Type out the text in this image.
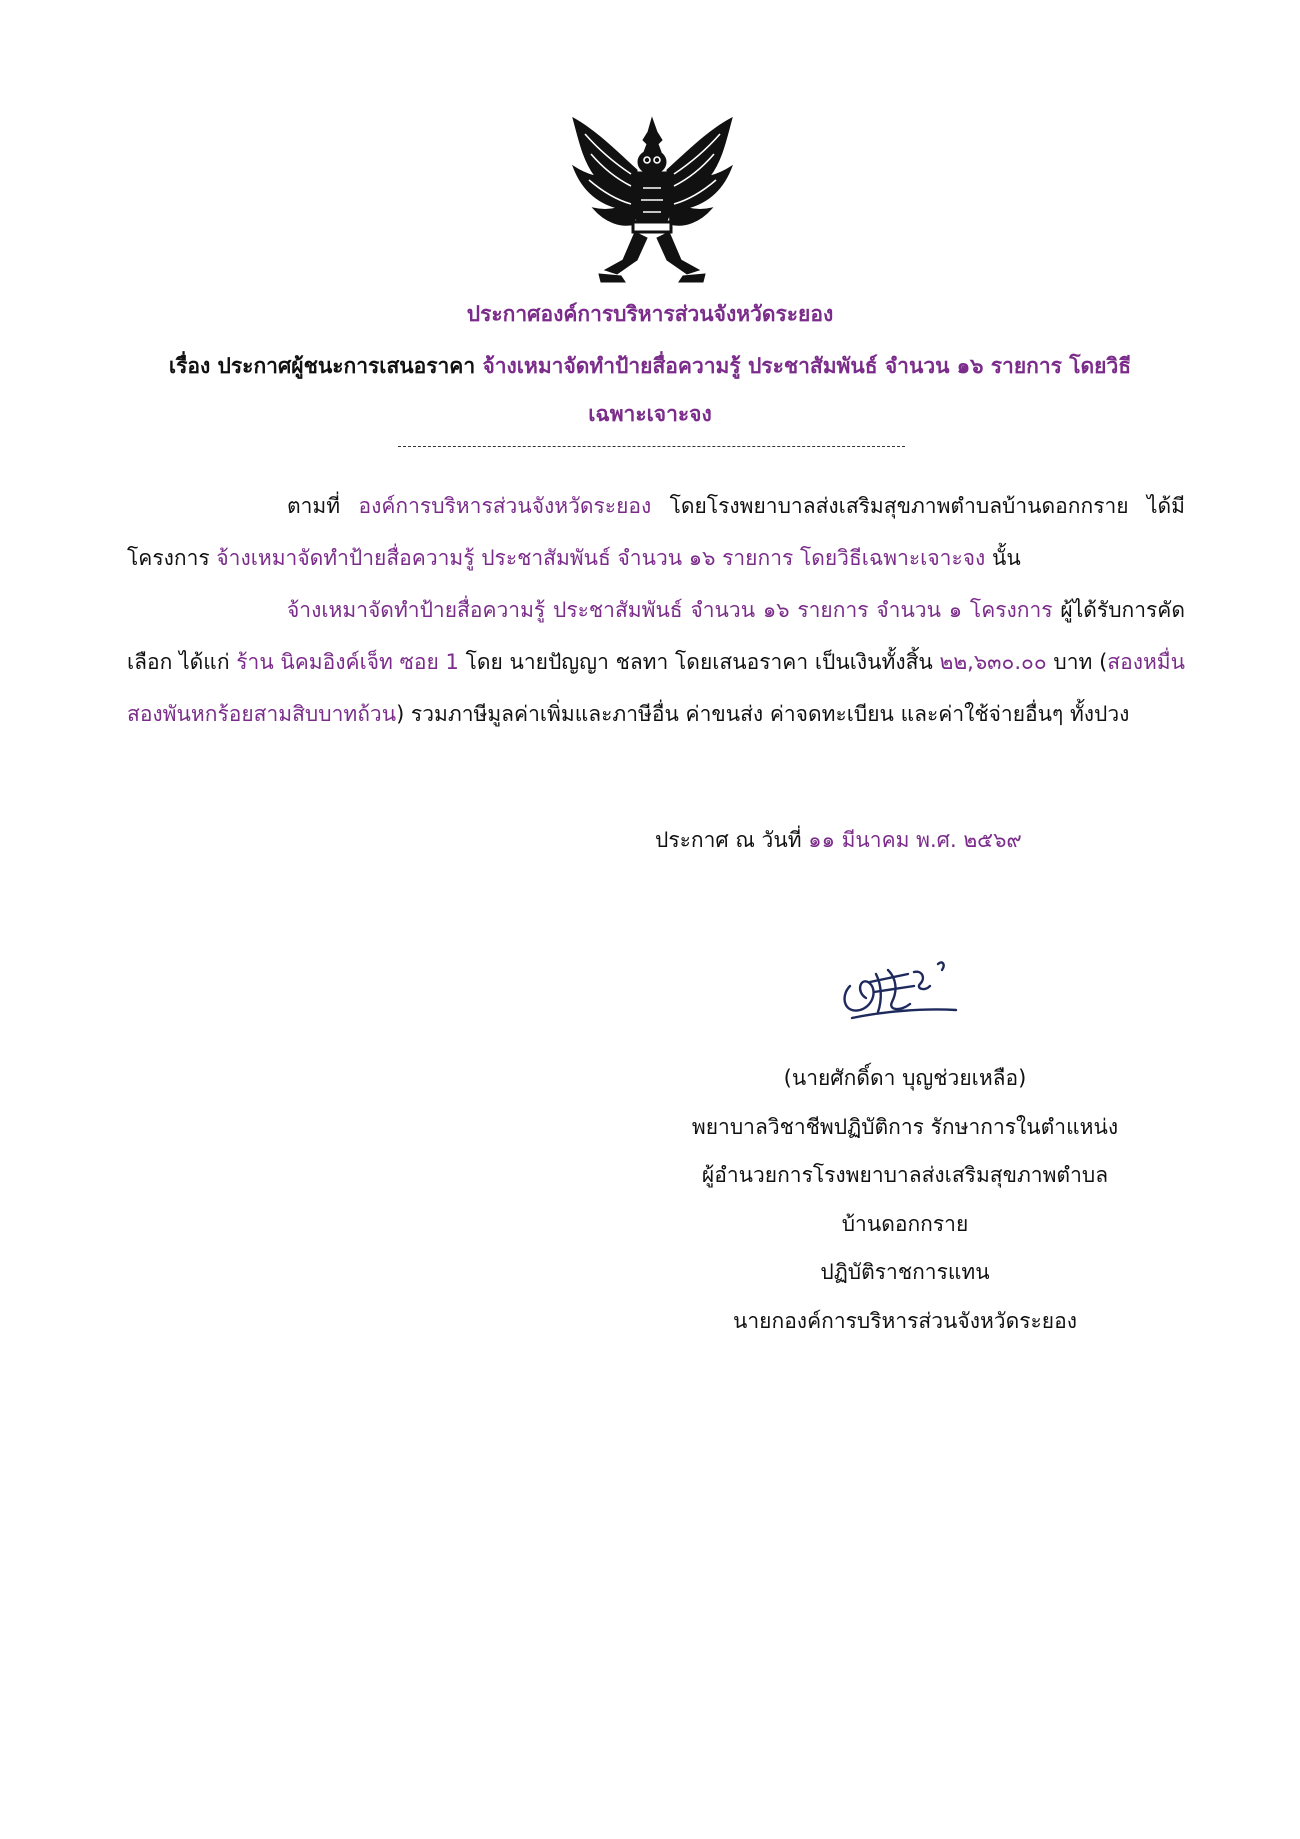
ประกาศองค์การบริหารส่วนจังหวัดระยอง
เรื่อง ประกาศผู้ชนะการเสนอราคา จ้างเหมาจัดทำป้ายสื่อความรู้ ประชาสัมพันธ์ จำนวน ๑๖ รายการ โดยวิธี
เฉพาะเจาะจง
ตามที่ องค์การบริหารส่วนจังหวัดระยอง โดยโรงพยาบาลส่งเสริมสุขภาพตำบลบ้านดอกกราย ได้มีโครงการ จ้างเหมาจัดทำป้ายสื่อความรู้ ประชาสัมพันธ์ จำนวน ๑๖ รายการ โดยวิธีเฉพาะเจาะจง นั้น
จ้างเหมาจัดทำป้ายสื่อความรู้ ประชาสัมพันธ์ จำนวน ๑๖ รายการ จำนวน ๑ โครงการ ผู้ได้รับการคัดเลือก ได้แก่ ร้าน นิคมอิงค์เจ็ท ซอย 1 โดย นายปัญญา ชลทา โดยเสนอราคา เป็นเงินทั้งสิ้น ๒๒,๖๓๐.๐๐ บาท (สองหมื่นสองพันหกร้อยสามสิบบาทถ้วน) รวมภาษีมูลค่าเพิ่มและภาษีอื่น ค่าขนส่ง ค่าจดทะเบียน และค่าใช้จ่ายอื่นๆ ทั้งปวง
ประกาศ ณ วันที่ ๑๑ มีนาคม พ.ศ. ๒๕๖๙
(นายศักดิ์ดา บุญช่วยเหลือ)
พยาบาลวิชาชีพปฏิบัติการ รักษาการในตำแหน่ง
ผู้อำนวยการโรงพยาบาลส่งเสริมสุขภาพตำบล
บ้านดอกกราย
ปฏิบัติราชการแทน
นายกองค์การบริหารส่วนจังหวัดระยอง
